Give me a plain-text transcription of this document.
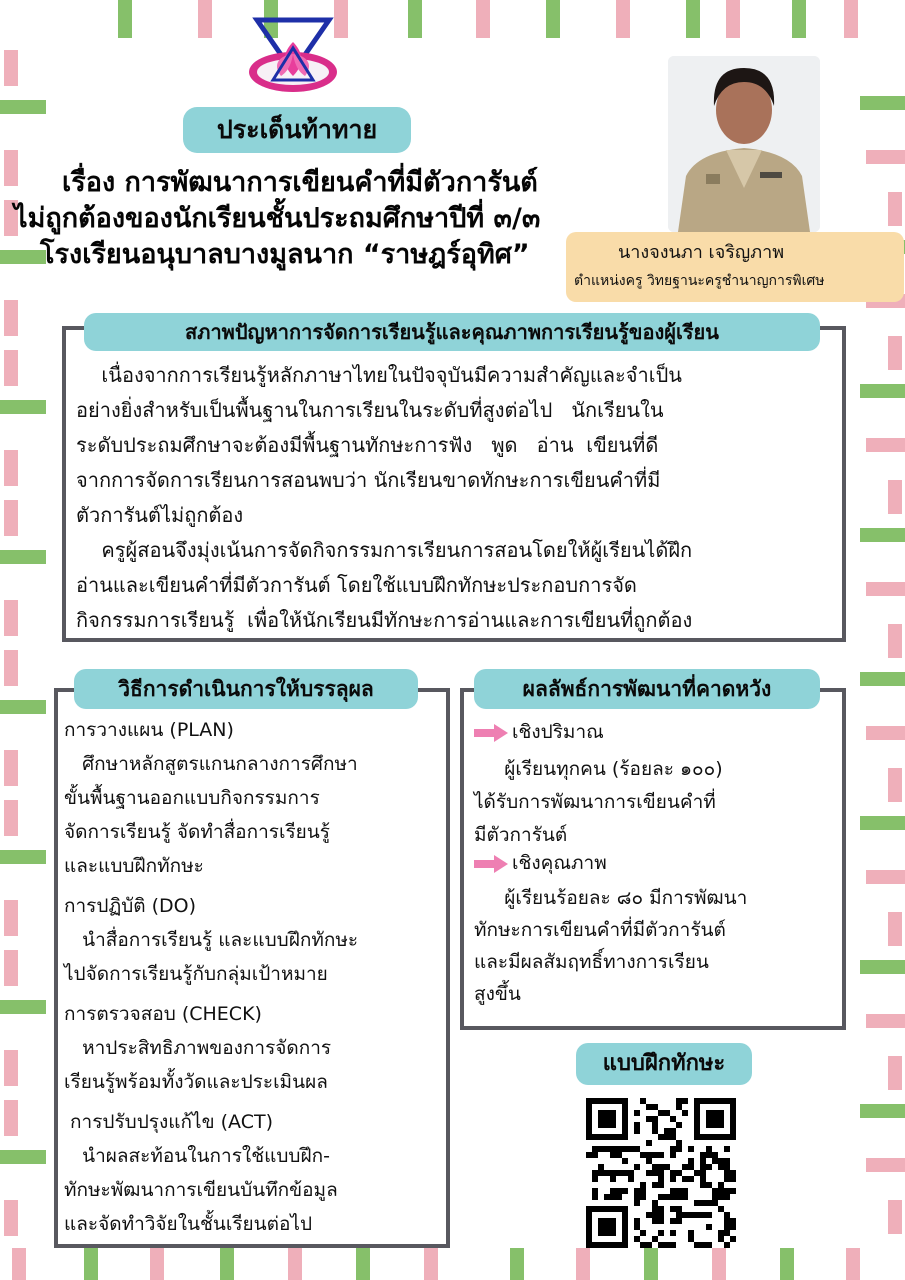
ประเด็นท้าทาย
เรื่อง การพัฒนาการเขียนคำที่มีตัวการันต์
ไม่ถูกต้องของนักเรียนชั้นประถมศึกษาปีที่ ๓/๓
โรงเรียนอนุบาลบางมูลนาก “ราษฎร์อุทิศ”	นางจงนภา เจริญภาพ
ตำแหน่งครู วิทยฐานะครูชำนาญการพิเศษ
สภาพปัญหาการจัดการเรียนรู้และคุณภาพการเรียนรู้ของผู้เรียน
เนื่องจากการเรียนรู้หลักภาษาไทยในปัจจุบันมีความสำคัญและจำเป็น
อย่างยิ่งสำหรับเป็นพื้นฐานในการเรียนในระดับที่สูงต่อไป   นักเรียนใน
ระดับประถมศึกษาจะต้องมีพื้นฐานทักษะการฟัง   พูด   อ่าน  เขียนที่ดี
จากการจัดการเรียนการสอนพบว่า นักเรียนขาดทักษะการเขียนคำที่มี
ตัวการันต์ไม่ถูกต้อง
ครูผู้สอนจึงมุ่งเน้นการจัดกิจกรรมการเรียนการสอนโดยให้ผู้เรียนได้ฝึก
อ่านและเขียนคำที่มีตัวการันต์ โดยใช้แบบฝึกทักษะประกอบการจัด
กิจกรรมการเรียนรู้  เพื่อให้นักเรียนมีทักษะการอ่านและการเขียนที่ถูกต้อง
วิธีการดำเนินการให้บรรลุผล
การวางแผน (PLAN)
ศึกษาหลักสูตรแกนกลางการศึกษา
ขั้นพื้นฐานออกแบบกิจกรรมการ
จัดการเรียนรู้ จัดทำสื่อการเรียนรู้
และแบบฝึกทักษะ
การปฏิบัติ (DO)
นำสื่อการเรียนรู้ และแบบฝึกทักษะ
ไปจัดการเรียนรู้กับกลุ่มเป้าหมาย
การตรวจสอบ (CHECK)
หาประสิทธิภาพของการจัดการ
เรียนรู้พร้อมทั้งวัดและประเมินผล
การปรับปรุงแก้ไข (ACT)
นำผลสะท้อนในการใช้แบบฝึก-
ทักษะพัฒนาการเขียนบันทึกข้อมูล
และจัดทำวิจัยในชั้นเรียนต่อไป
ผลลัพธ์การพัฒนาที่คาดหวัง
เชิงปริมาณ
ผู้เรียนทุกคน (ร้อยละ ๑๐๐)
ได้รับการพัฒนาการเขียนคำที่
มีตัวการันต์
เชิงคุณภาพ
ผู้เรียนร้อยละ ๘๐ มีการพัฒนา
ทักษะการเขียนคำที่มีตัวการันต์
และมีผลสัมฤทธิ์ทางการเรียน
สูงขึ้น
แบบฝึกทักษะ
